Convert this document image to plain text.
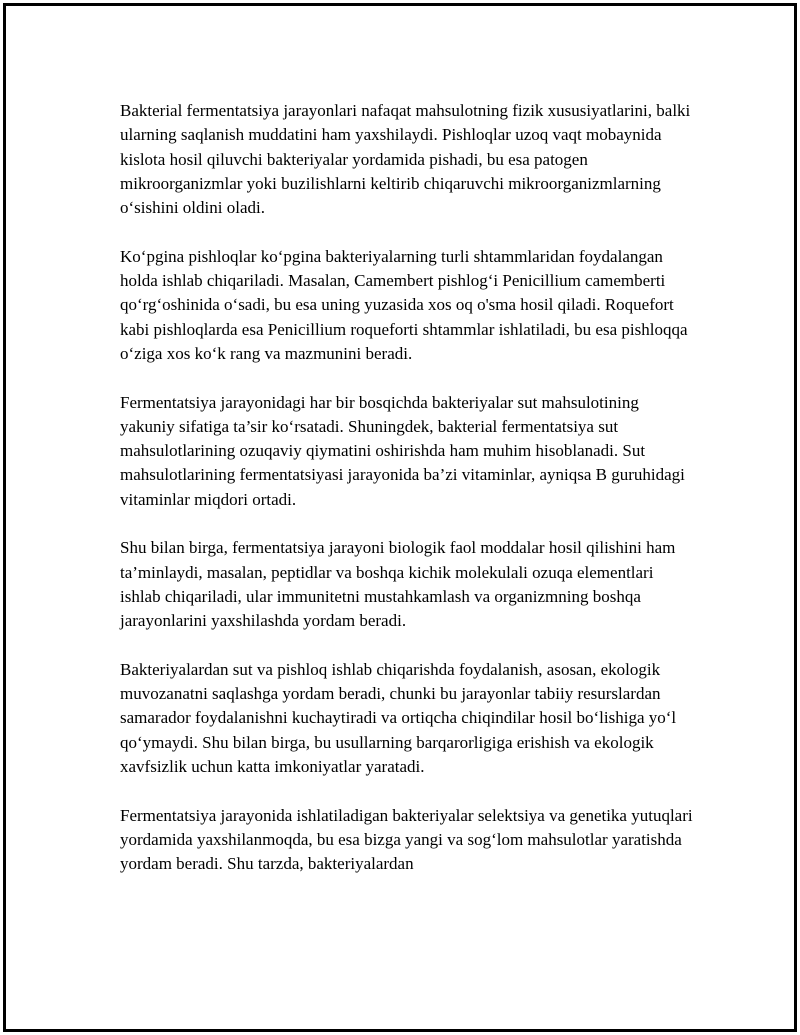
Bakterial fermentatsiya jarayonlari nafaqat mahsulotning fizik xususiyatlarini, balki ularning saqlanish muddatini ham yaxshilaydi. Pishloqlar uzoq vaqt mobaynida kislota hosil qiluvchi bakteriyalar yordamida pishadi, bu esa patogen mikroorganizmlar yoki buzilishlarni keltirib chiqaruvchi mikroorganizmlarning o‘sishini oldini oladi.

Ko‘pgina pishloqlar ko‘pgina bakteriyalarning turli shtammlaridan foydalangan holda ishlab chiqariladi. Masalan, Camembert pishlog‘i Penicillium camemberti qo‘rg‘oshinida o‘sadi, bu esa uning yuzasida xos oq o'sma hosil qiladi. Roquefort kabi pishloqlarda esa Penicillium roqueforti shtammlar ishlatiladi, bu esa pishloqqa o‘ziga xos ko‘k rang va mazmunini beradi.

Fermentatsiya jarayonidagi har bir bosqichda bakteriyalar sut mahsulotining yakuniy sifatiga ta’sir ko‘rsatadi. Shuningdek, bakterial fermentatsiya sut mahsulotlarining ozuqaviy qiymatini oshirishda ham muhim hisoblanadi. Sut mahsulotlarining fermentatsiyasi jarayonida ba’zi vitaminlar, ayniqsa B guruhidagi vitaminlar miqdori ortadi.

Shu bilan birga, fermentatsiya jarayoni biologik faol moddalar hosil qilishini ham ta’minlaydi, masalan, peptidlar va boshqa kichik molekulali ozuqa elementlari ishlab chiqariladi, ular immunitetni mustahkamlash va organizmning boshqa jarayonlarini yaxshilashda yordam beradi.

Bakteriyalardan sut va pishloq ishlab chiqarishda foydalanish, asosan, ekologik muvozanatni saqlashga yordam beradi, chunki bu jarayonlar tabiiy resurslardan samarador foydalanishni kuchaytiradi va ortiqcha chiqindilar hosil bo‘lishiga yo‘l qo‘ymaydi. Shu bilan birga, bu usullarning barqarorligiga erishish va ekologik xavfsizlik uchun katta imkoniyatlar yaratadi.

Fermentatsiya jarayonida ishlatiladigan bakteriyalar selektsiya va genetika yutuqlari yordamida yaxshilanmoqda, bu esa bizga yangi va sog‘lom mahsulotlar yaratishda yordam beradi. Shu tarzda, bakteriyalardan
